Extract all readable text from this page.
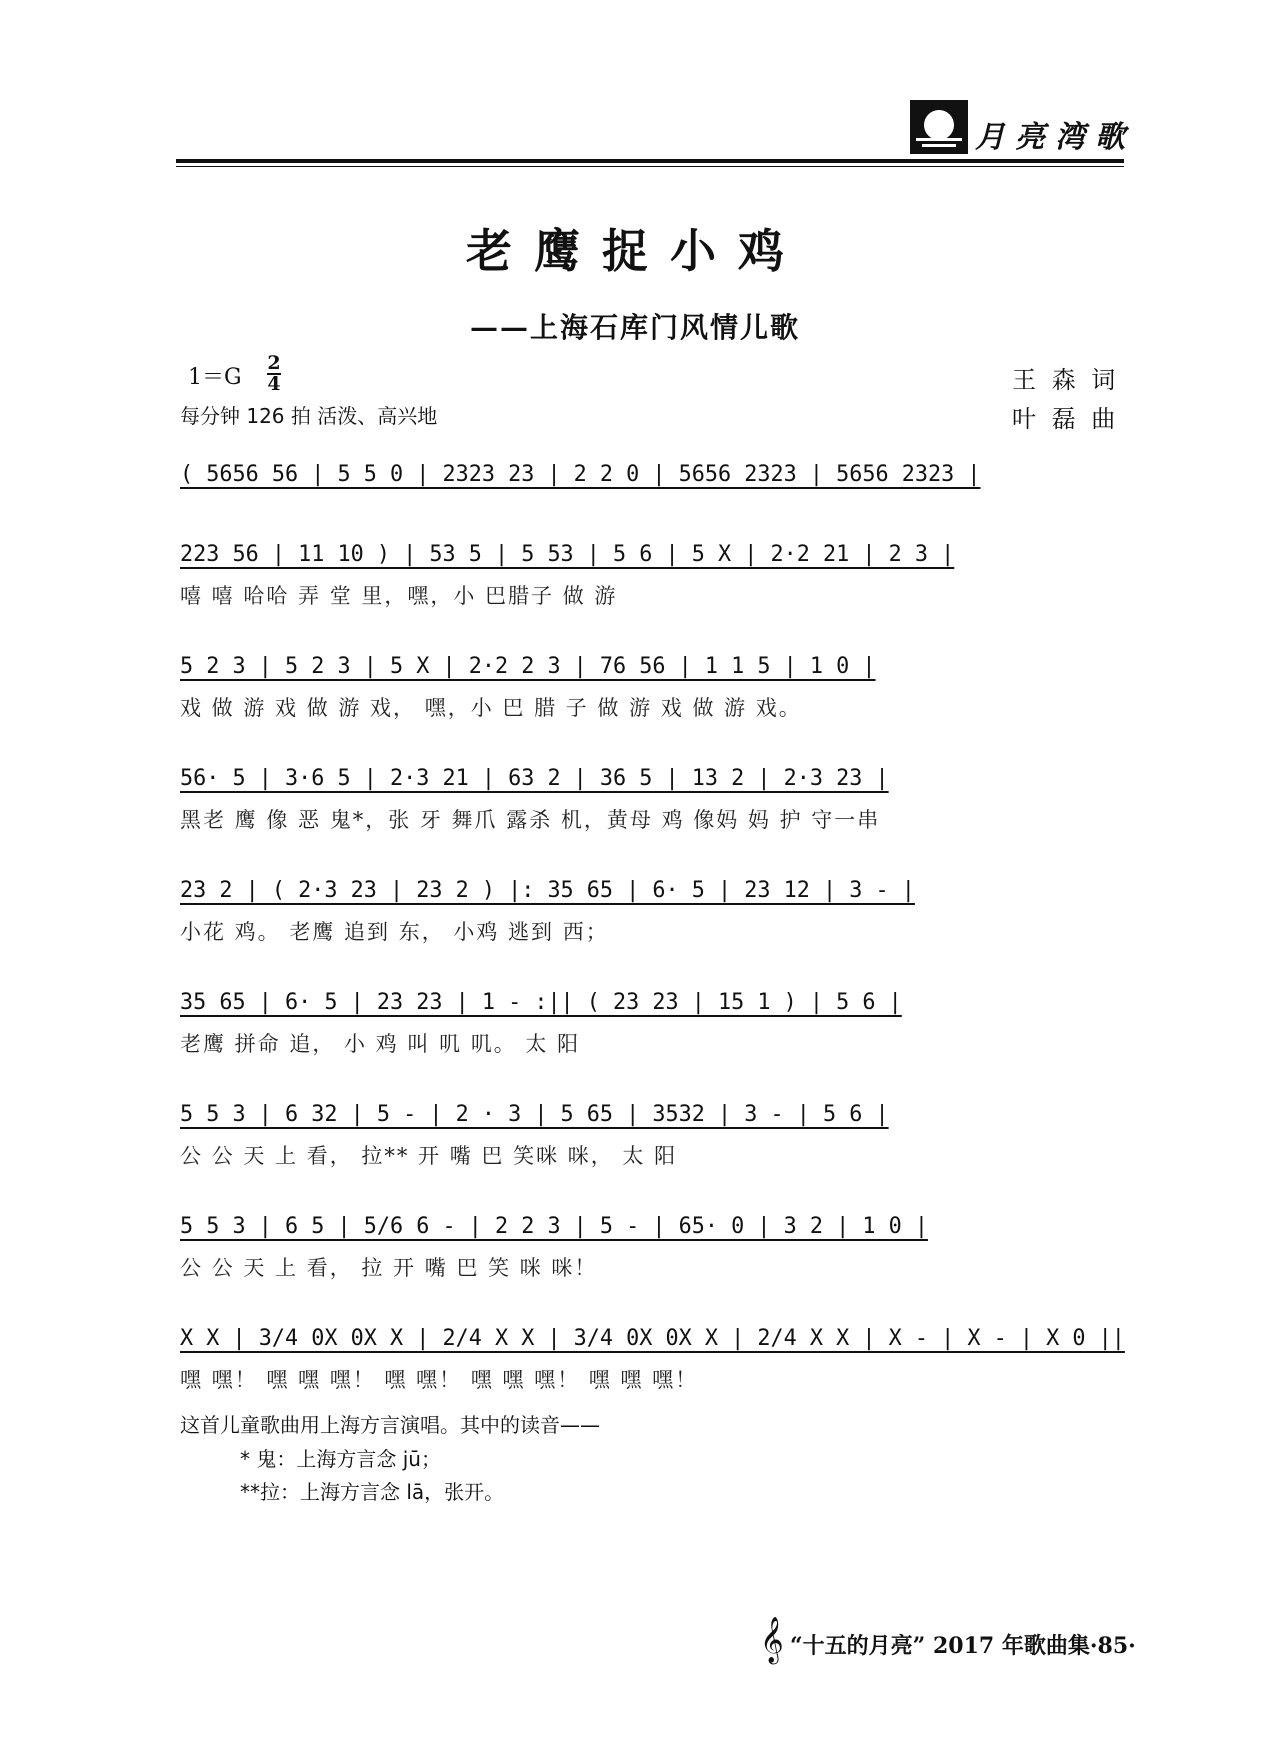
月亮湾歌
老鹰捉小鸡
——上海石库门风情儿歌
1＝G
2
4
每分钟 126 拍 活泼、高兴地
王 森 词
叶 磊 曲
( 5656 56 | 5 5 0 | 2323 23 | 2 2 0 | 5656 2323 | 5656 2323 |
223 56 | 11 10 ) | 53 5 | 5 53 | 5 6 | 5 X | 2·2 21 | 2 3 |
嘻 嘻 哈哈 弄 堂 里，嘿，小 巴腊子 做 游
5 2 3 | 5 2 3 | 5 X | 2·2 2 3 | 76 56 | 1 1 5 | 1 0 |
戏 做 游 戏 做 游 戏， 嘿，小 巴 腊 子 做 游 戏 做 游 戏。
56· 5 | 3·6 5 | 2·3 21 | 63 2 | 36 5 | 13 2 | 2·3 23 |
黑老 鹰 像 恶 鬼*，张 牙 舞爪 露杀 机，黄母 鸡 像妈 妈 护 守一串
23 2 | ( 2·3 23 | 23 2 ) |: 35 65 | 6· 5 | 23 12 | 3 - |
小花 鸡。 老鹰 追到 东， 小鸡 逃到 西；
35 65 | 6· 5 | 23 23 | 1 - :|| ( 23 23 | 15 1 ) | 5 6 |
老鹰 拼命 追， 小 鸡 叫 叽 叽。 太 阳
5 5 3 | 6 32 | 5 - | 2 · 3 | 5 65 | 3532 | 3 - | 5 6 |
公 公 天 上 看， 拉** 开 嘴 巴 笑咪 咪， 太 阳
5 5 3 | 6 5 | 5/6 6 - | 2 2 3 | 5 - | 65· 0 | 3 2 | 1 0 |
公 公 天 上 看， 拉 开 嘴 巴 笑 咪 咪！
X X | 3/4 0X 0X X | 2/4 X X | 3/4 0X 0X X | 2/4 X X | X - | X - | X 0 ||
嘿 嘿！ 嘿 嘿 嘿！ 嘿 嘿！ 嘿 嘿 嘿！ 嘿 嘿 嘿！
这首儿童歌曲用上海方言演唱。其中的读音——
* 鬼：上海方言念 jū；
**拉：上海方言念 lā，张开。
𝄞 “十五的月亮” 2017 年歌曲集·85·
